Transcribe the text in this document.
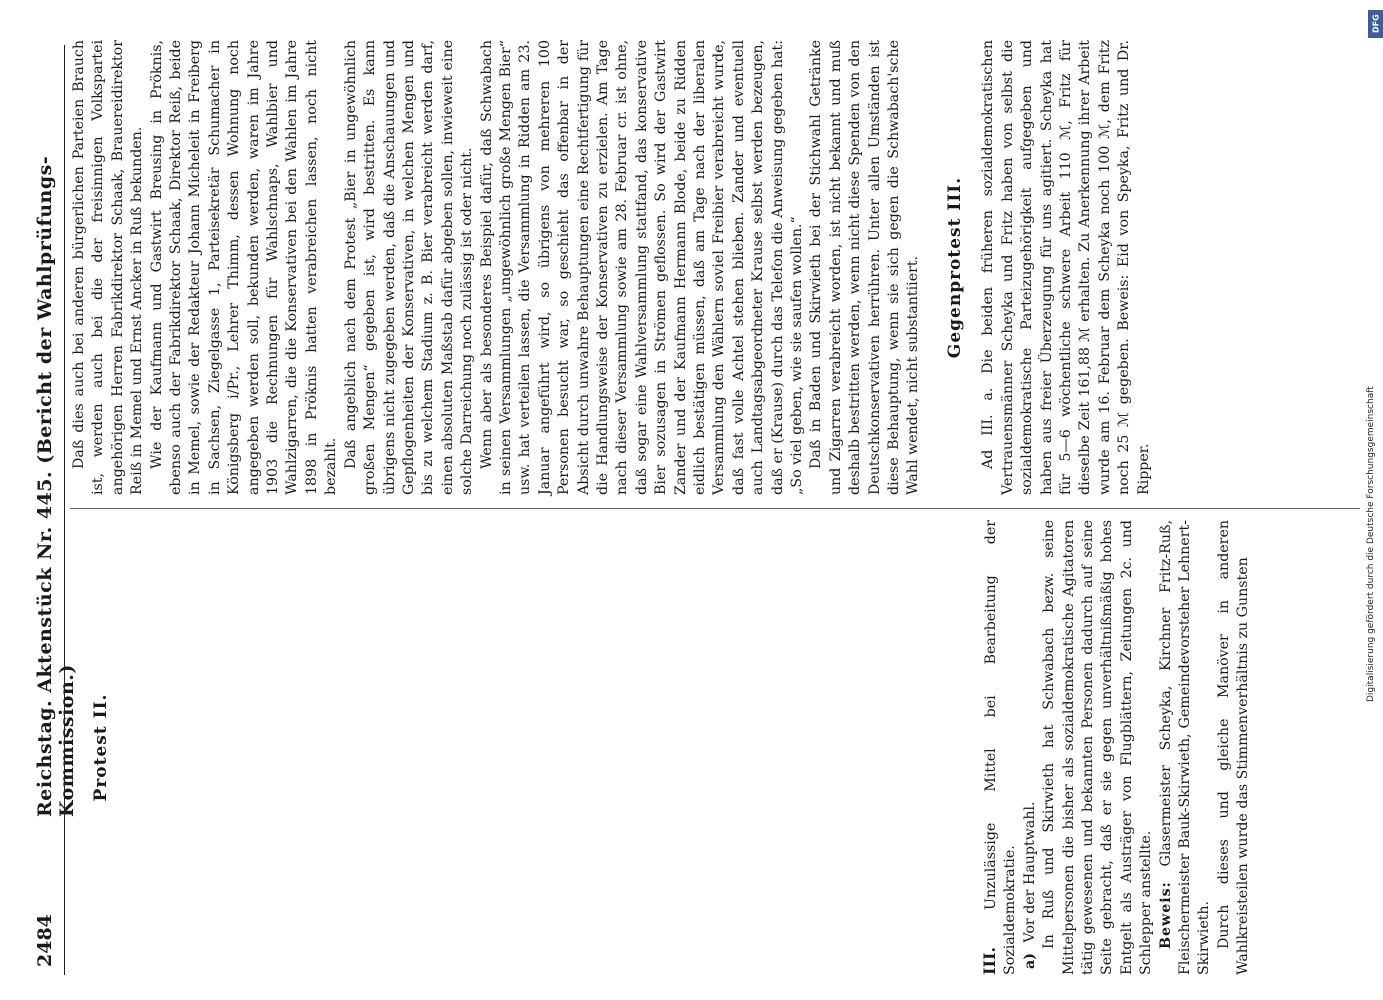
2484
Reichstag. Aktenstück Nr. 445. (Bericht der Wahlprüfungs-Kommission.) Protest II.

III. Unzulässige Mittel bei Bearbeitung der Sozialdemokratie. a) Vor der Hauptwahl. In Ruß und Skirwieth hat Schwabach bezw. seine Mittelpersonen die bisher als sozialdemokratische Agitatoren tätig gewesenen und bekannten Personen dadurch auf seine Seite gebracht, daß er sie gegen unverhältnißmäßig hohes Entgelt als Austräger von Flugblättern, Zeitungen 2c. und Schlepper anstellte. Beweis: Glasermeister Scheyka, Kirchner Fritz-Ruß, Fleischermeister Bauk-Skirwieth, Gemeindevorsteher Lehnert-Skirwieth. Durch dieses und gleiche Manöver in anderen Wahlkreisteilen wurde das Stimmenverhältnis zu Gunsten

Daß dies auch bei anderen bürgerlichen Parteien Brauch ist, werden auch bei die der freisinnigen Volkspartei angehörigen Herren Fabrikdirektor Schaak, Brauereidirektor Reiß in Memel und Ernst Ancker in Ruß bekunden. Wie der Kaufmann und Gastwirt Breusing in Pröknis, ebenso auch der Fabrikdirektor Schaak, Direktor Reiß, beide in Memel, sowie der Redakteur Johann Micheleit in Freiberg in Sachsen, Ziegelgasse 1, Parteisekretär Schumacher in Königsberg i/Pr., Lehrer Thimm, dessen Wohnung noch angegeben werden soll, bekunden werden, waren im Jahre 1903 die Rechnungen für Wahlschnaps, Wahlbier und Wahlzigarren, die die Konservativen bei den Wahlen im Jahre 1898 in Pröknis hatten verabreichen lassen, noch nicht bezahlt. Daß angeblich nach dem Protest „Bier in ungewöhnlich großen Mengen“ gegeben ist, wird bestritten. Es kann übrigens nicht zugegeben werden, daß die Anschauungen und Gepflogenheiten der Konservativen, in welchen Mengen und bis zu welchem Stadium z. B. Bier verabreicht werden darf, einen absoluten Maßstab dafür abgeben sollen, inwieweit eine solche Darreichung noch zulässig ist oder nicht. Wenn aber als besonderes Beispiel dafür, daß Schwabach in seinen Versammlungen „ungewöhnlich große Mengen Bier“ usw. hat verteilen lassen, die Versammlung in Ridden am 23. Januar angeführt wird, so übrigens von mehreren 100 Personen besucht war, so geschieht das offenbar in der Absicht durch unwahre Behauptungen eine Rechtfertigung für die Handlungsweise der Konservativen zu erzielen. Am Tage nach dieser Versammlung sowie am 28. Februar cr. ist ohne, daß sogar eine Wahlversammlung stattfand, das konservative Bier sozusagen in Strömen geflossen. So wird der Gastwirt Zander und der Kaufmann Hermann Blode, beide zu Ridden eidlich bestätigen müssen, daß am Tage nach der liberalen Versammlung den Wählern soviel Freibier verabreicht wurde, daß fast volle Achtel stehen blieben. Zander und eventuell auch Landtagsabgeordneter Krause selbst werden bezeugen, daß er (Krause) durch das Telefon die Anweisung gegeben hat: „So viel geben, wie sie saufen wollen.“ Daß in Baden und Skirwieth bei der Stichwahl Getränke und Zigarren verabreicht worden, ist nicht bekannt und muß deshalb bestritten werden, wenn nicht diese Spenden von den Deutschkonservativen herrühren. Unter allen Umständen ist diese Behauptung, wenn sie sich gegen die Schwabach'sche Wahl wendet, nicht substantiiert. Gegenprotest III. Ad III. a. Die beiden früheren sozialdemokratischen Vertrauensmänner Scheyka und Fritz haben von selbst die sozialdemokratische Parteizugehörigkeit aufgegeben und haben aus freier Überzeugung für uns agitiert. Scheyka hat für 5—6 wöchentliche schwere Arbeit 110 ℳ, Fritz für dieselbe Zeit 161,88 ℳ erhalten. Zu Anerkennung ihrer Arbeit wurde am 16. Februar dem Scheyka noch 100 ℳ, dem Fritz noch 25 ℳ gegeben. Beweis: Eid von Speyka, Fritz und Dr. Ripper.

DFG
Digitalisierung gefördert durch die Deutsche Forschungsgemeinschaft
